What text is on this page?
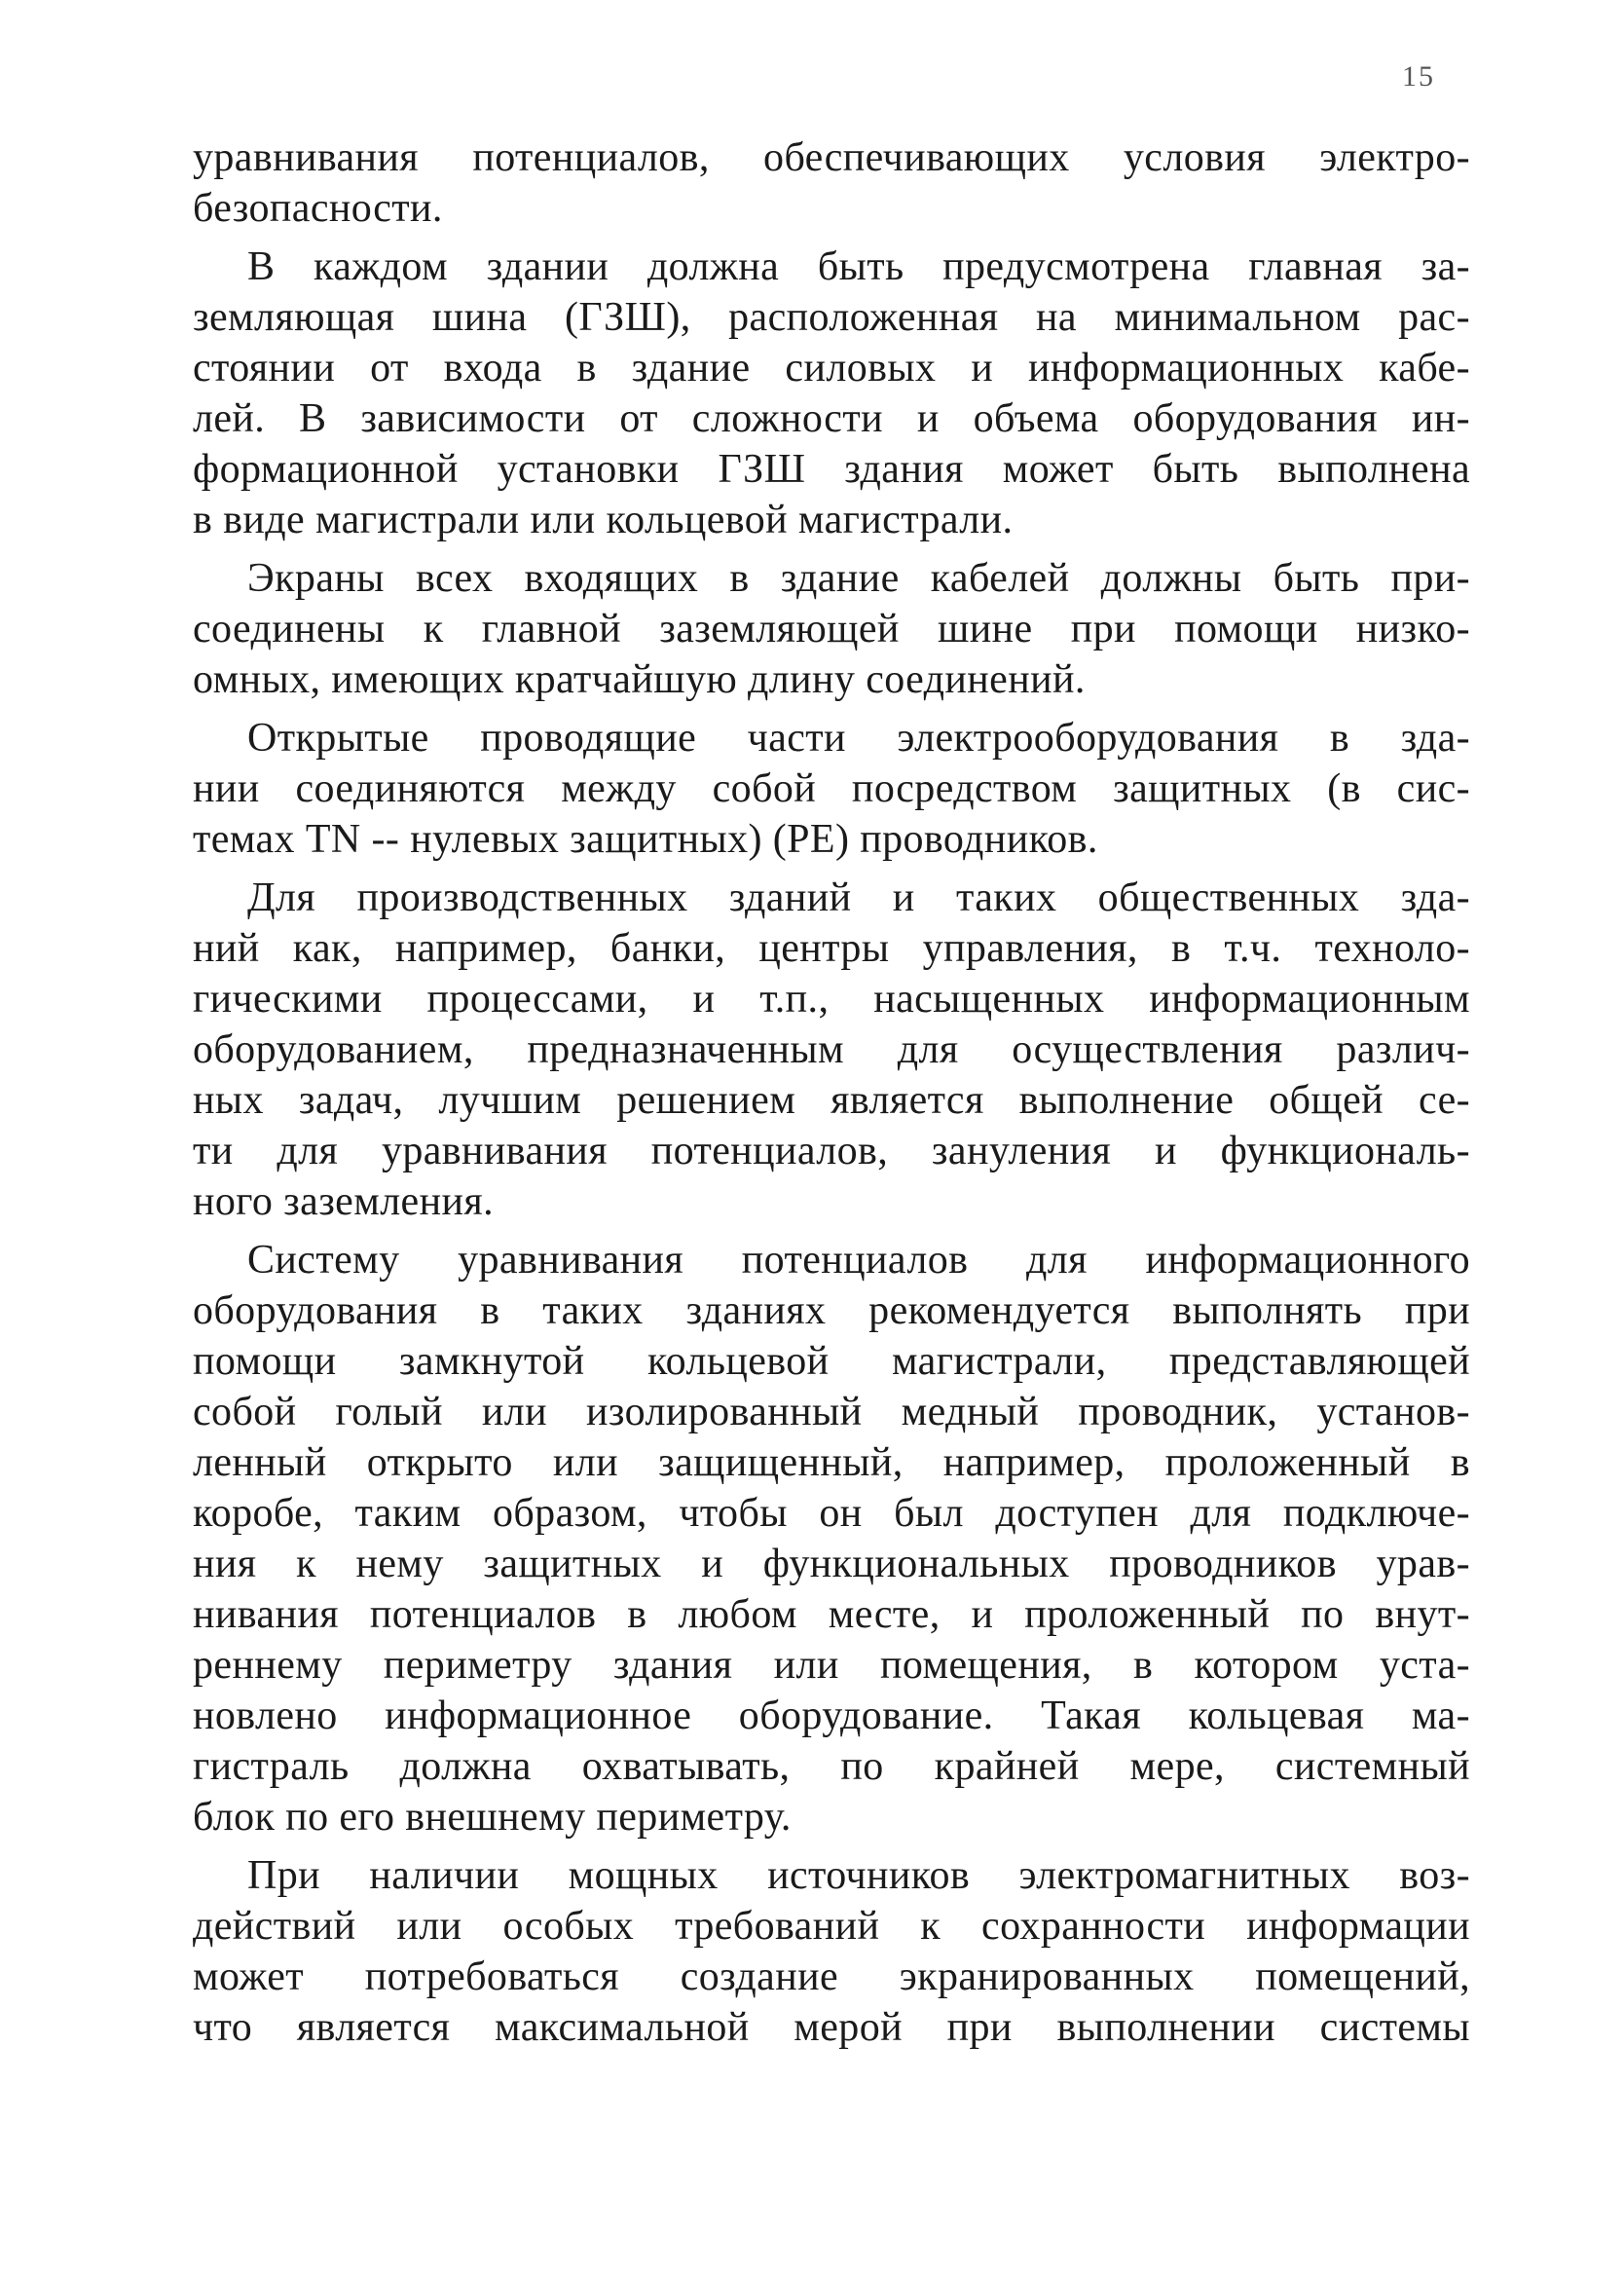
15

уравнивания потенциалов, обеспечивающих условия электро-
безопасности.

В каждом здании должна быть предусмотрена главная за-
земляющая шина (ГЗШ), расположенная на минимальном рас-
стоянии от входа в здание силовых и информационных кабе-
лей. В зависимости от сложности и объема оборудования ин-
формационной установки ГЗШ здания может быть выполнена
в виде магистрали или кольцевой магистрали.

Экраны всех входящих в здание кабелей должны быть при-
соединены к главной заземляющей шине при помощи низко-
омных, имеющих кратчайшую длину соединений.

Открытые проводящие части электрооборудования в зда-
нии соединяются между собой посредством защитных (в сис-
темах TN -- нулевых защитных) (РЕ) проводников.

Для производственных зданий и таких общественных зда-
ний как, например, банки, центры управления, в т.ч. техноло-
гическими процессами, и т.п., насыщенных информационным
оборудованием, предназначенным для осуществления различ-
ных задач, лучшим решением является выполнение общей се-
ти для уравнивания потенциалов, зануления и функциональ-
ного заземления.

Систему уравнивания потенциалов для информационного
оборудования в таких зданиях рекомендуется выполнять при
помощи замкнутой кольцевой магистрали, представляющей
собой голый или изолированный медный проводник, установ-
ленный открыто или защищенный, например, проложенный в
коробе, таким образом, чтобы он был доступен для подключе-
ния к нему защитных и функциональных проводников урав-
нивания потенциалов в любом месте, и проложенный по внут-
реннему периметру здания или помещения, в котором уста-
новлено информационное оборудование. Такая кольцевая ма-
гистраль должна охватывать, по крайней мере, системный
блок по его внешнему периметру.

При наличии мощных источников электромагнитных воз-
действий или особых требований к сохранности информации
может потребоваться создание экранированных помещений,
что является максимальной мерой при выполнении системы
